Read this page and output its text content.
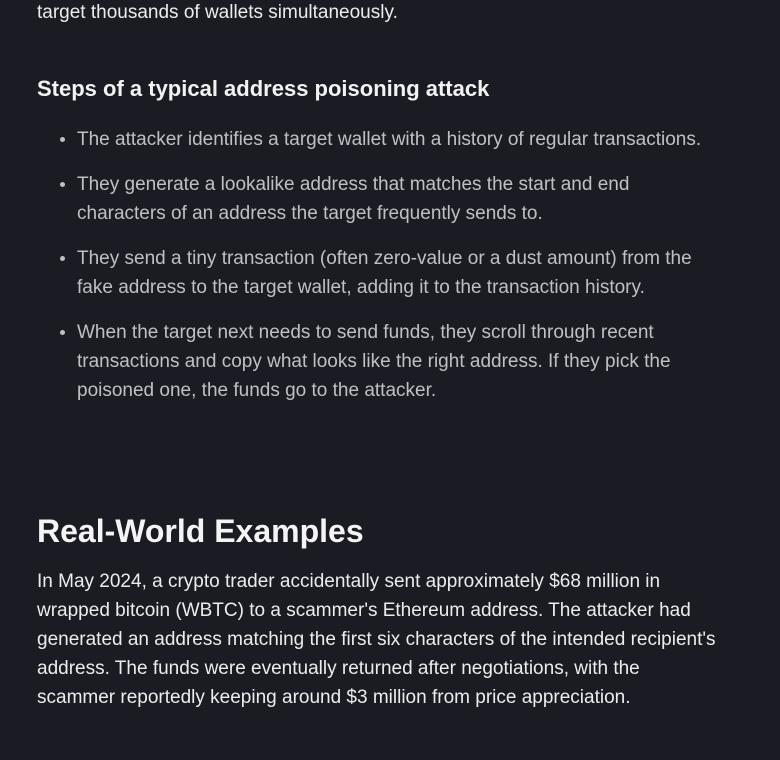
target thousands of wallets simultaneously.

Steps of a typical address poisoning attack
The attacker identifies a target wallet with a history of regular transactions.
They generate a lookalike address that matches the start and end characters of an address the target frequently sends to.
They send a tiny transaction (often zero-value or a dust amount) from the fake address to the target wallet, adding it to the transaction history.
When the target next needs to send funds, they scroll through recent transactions and copy what looks like the right address. If they pick the poisoned one, the funds go to the attacker.
Real-World Examples

In May 2024, a crypto trader accidentally sent approximately $68 million in wrapped bitcoin (WBTC) to a scammer's Ethereum address. The attacker had generated an address matching the first six characters of the intended recipient's address. The funds were eventually returned after negotiations, with the scammer reportedly keeping around $3 million from price appreciation.
